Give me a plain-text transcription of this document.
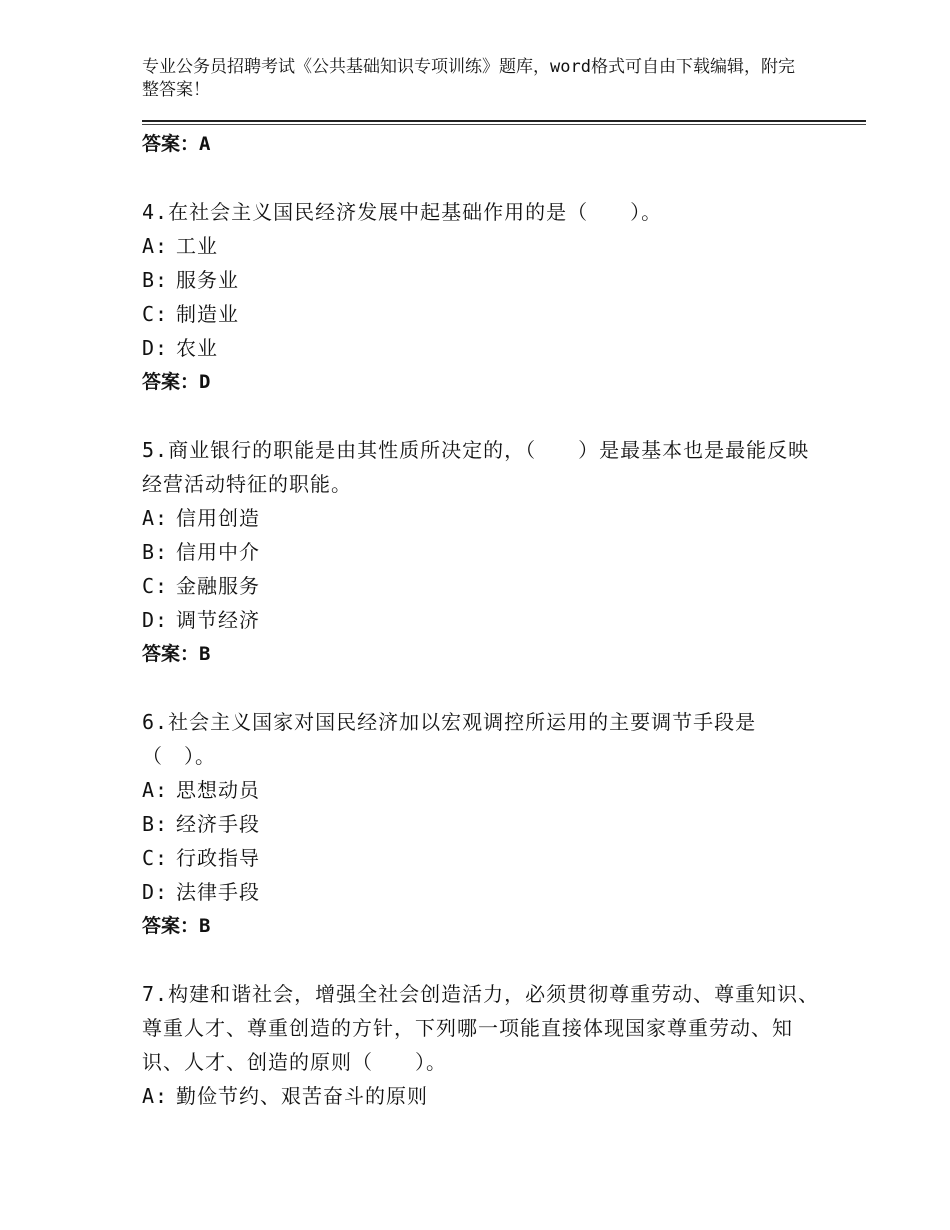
专业公务员招聘考试《公共基础知识专项训练》题库，word格式可自由下载编辑，附完整答案！
答案：A
4.在社会主义国民经济发展中起基础作用的是（　　）。
A: 工业
B: 服务业
C: 制造业
D: 农业
答案：D
5.商业银行的职能是由其性质所决定的，（　　）是最基本也是最能反映经营活动特征的职能。
A: 信用创造
B: 信用中介
C: 金融服务
D: 调节经济
答案：B
6.社会主义国家对国民经济加以宏观调控所运用的主要调节手段是（　）。
A: 思想动员
B: 经济手段
C: 行政指导
D: 法律手段
答案：B
7.构建和谐社会，增强全社会创造活力，必须贯彻尊重劳动、尊重知识、尊重人才、尊重创造的方针，下列哪一项能直接体现国家尊重劳动、知识、人才、创造的原则（　　）。
A: 勤俭节约、艰苦奋斗的原则
